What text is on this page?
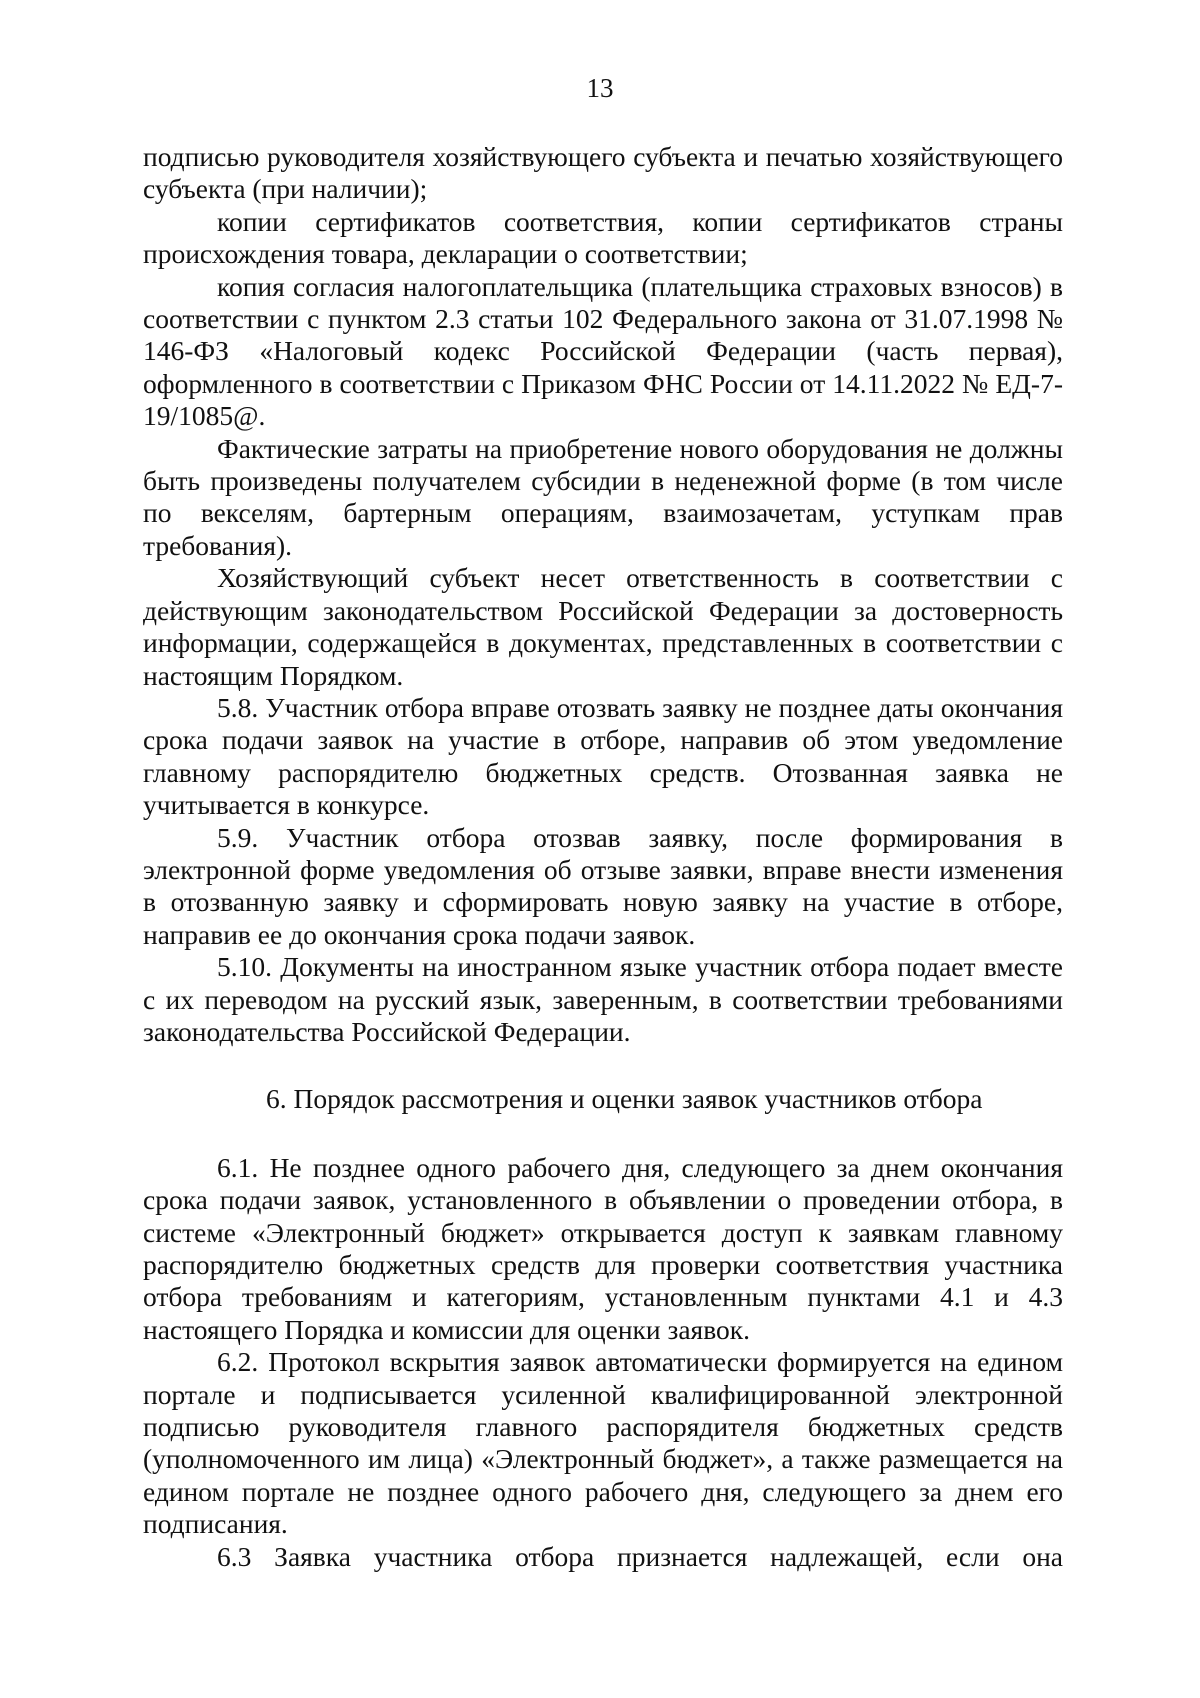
13

подписью руководителя хозяйствующего субъекта и печатью хозяйствующего субъекта (при наличии);

копии сертификатов соответствия, копии сертификатов страны происхождения товара, декларации о соответствии;

копия согласия налогоплательщика (плательщика страховых взносов) в соответствии с пунктом 2.3 статьи 102 Федерального закона от 31.07.1998 № 146-ФЗ «Налоговый кодекс Российской Федерации (часть первая), оформленного в соответствии с Приказом ФНС России от 14.11.2022 № ЕД-7-19/1085@.

Фактические затраты на приобретение нового оборудования не должны быть произведены получателем субсидии в неденежной форме (в том числе по векселям, бартерным операциям, взаимозачетам, уступкам прав требования).

Хозяйствующий субъект несет ответственность в соответствии с действующим законодательством Российской Федерации за достоверность информации, содержащейся в документах, представленных в соответствии с настоящим Порядком.

5.8. Участник отбора вправе отозвать заявку не позднее даты окончания срока подачи заявок на участие в отборе, направив об этом уведомление главному распорядителю бюджетных средств. Отозванная заявка не учитывается в конкурсе.

5.9. Участник отбора отозвав заявку, после формирования в электронной форме уведомления об отзыве заявки, вправе внести изменения в отозванную заявку и сформировать новую заявку на участие в отборе, направив ее до окончания срока подачи заявок.

5.10. Документы на иностранном языке участник отбора подает вместе с их переводом на русский язык, заверенным, в соответствии требованиями законодательства Российской Федерации.

6. Порядок рассмотрения и оценки заявок участников отбора

6.1. Не позднее одного рабочего дня, следующего за днем окончания срока подачи заявок, установленного в объявлении о проведении отбора, в системе «Электронный бюджет» открывается доступ к заявкам главному распорядителю бюджетных средств для проверки соответствия участника отбора требованиям и категориям, установленным пунктами 4.1 и 4.3 настоящего Порядка и комиссии для оценки заявок.

6.2. Протокол вскрытия заявок автоматически формируется на едином портале и подписывается усиленной квалифицированной электронной подписью руководителя главного распорядителя бюджетных средств (уполномоченного им лица) «Электронный бюджет», а также размещается на едином портале не позднее одного рабочего дня, следующего за днем его подписания.

6.3 Заявка участника отбора признается надлежащей, если она
